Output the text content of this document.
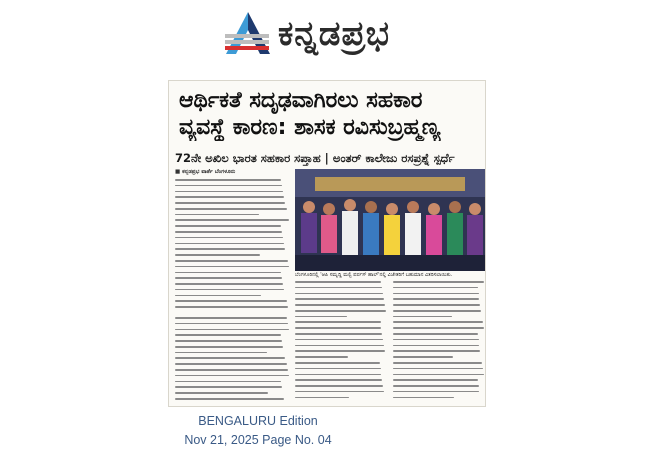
ಕನ್ನಡಪ್ರಭ
ಆರ್ಥಿಕತೆ ಸದೃಢವಾಗಿರಲು ಸಹಕಾರ
ವ್ಯವಸ್ಥೆ ಕಾರಣ: ಶಾಸಕ ರವಿಸುಬ್ರಹ್ಮಣ್ಯ
72ನೇ ಅಖಿಲ ಭಾರತ ಸಹಕಾರ ಸಪ್ತಾಹ | ಅಂತರ್ ಕಾಲೇಜು ರಸಪ್ರಶ್ನೆ ಸ್ಪರ್ಧೆ
■ ಕನ್ನಡಪ್ರಭ ವಾರ್ತೆ ಬೆಂಗಳೂರು
ಬೆಂಗಳೂರಿನಲ್ಲಿ 'ಆಪಿ ಸಮೃದ್ಧಿ ಮಲ್ಟಿ ಪರ್ಪಸ್ ಹಾಲ್'ನಲ್ಲಿ ವಿಜೇತರಿಗೆ ಬಹುಮಾನ ವಿತರಿಸಲಾಯಿತು.
BENGALURU Edition
Nov 21, 2025 Page No. 04
